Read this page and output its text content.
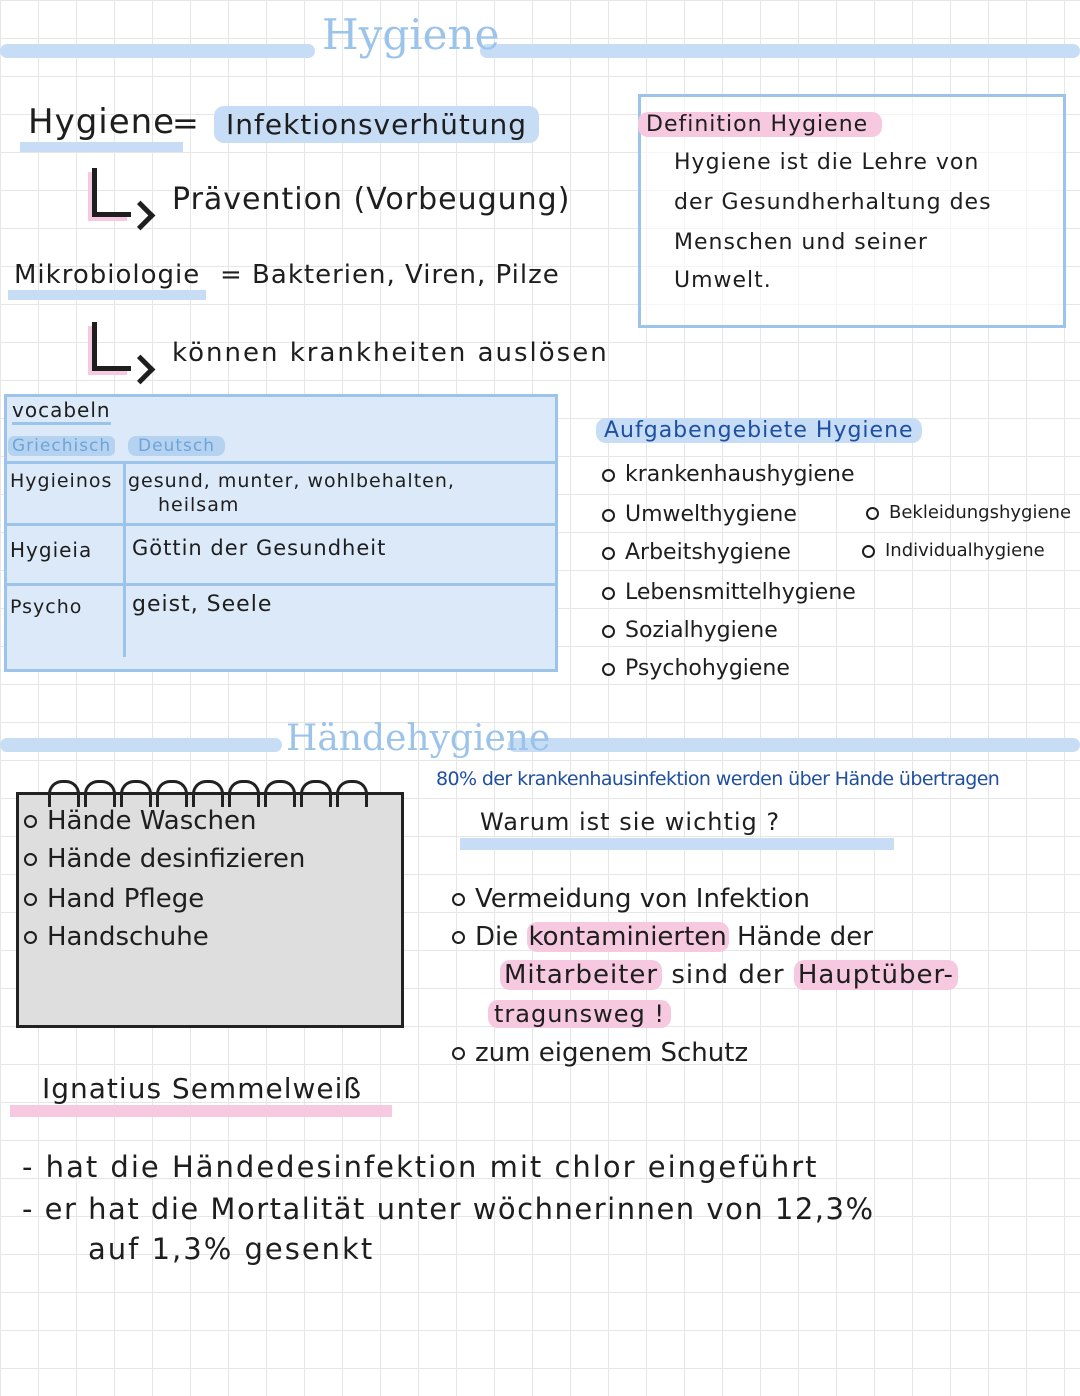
Hygiene
Hygiene
= Infektionsverhütung
Prävention (Vorbeugung)
Mikrobiologie = Bakterien, Viren, Pilze
können krankheiten auslösen
Definition Hygiene
Hygiene ist die Lehre von
der Gesundherhaltung des
Menschen und seiner
Umwelt.
vocabeln
Griechisch	Deutsch
Hygieinos gesund, munter, wohlbehalten,
heilsam
Hygieia Göttin der Gesundheit
Psycho geist, Seele
Aufgabengebiete Hygiene
krankenhaushygiene
Umwelthygiene
Arbeitshygiene
Lebensmittelhygiene
Sozialhygiene
Psychohygiene
Bekleidungshygiene
Individualhygiene
Händehygiene
Hände Waschen
Hände desinfizieren
Hand Pflege
Handschuhe
80% der krankenhausinfektion werden über Hände übertragen
Warum ist sie wichtig ?
Vermeidung von Infektion
Die kontaminierten Hände der
Mitarbeiter sind der Hauptüber-
tragunsweg !
zum eigenem Schutz
Ignatius Semmelweiß
- hat die Händedesinfektion mit chlor eingeführt
- er hat die Mortalität unter wöchnerinnen von 12,3%
auf 1,3% gesenkt
